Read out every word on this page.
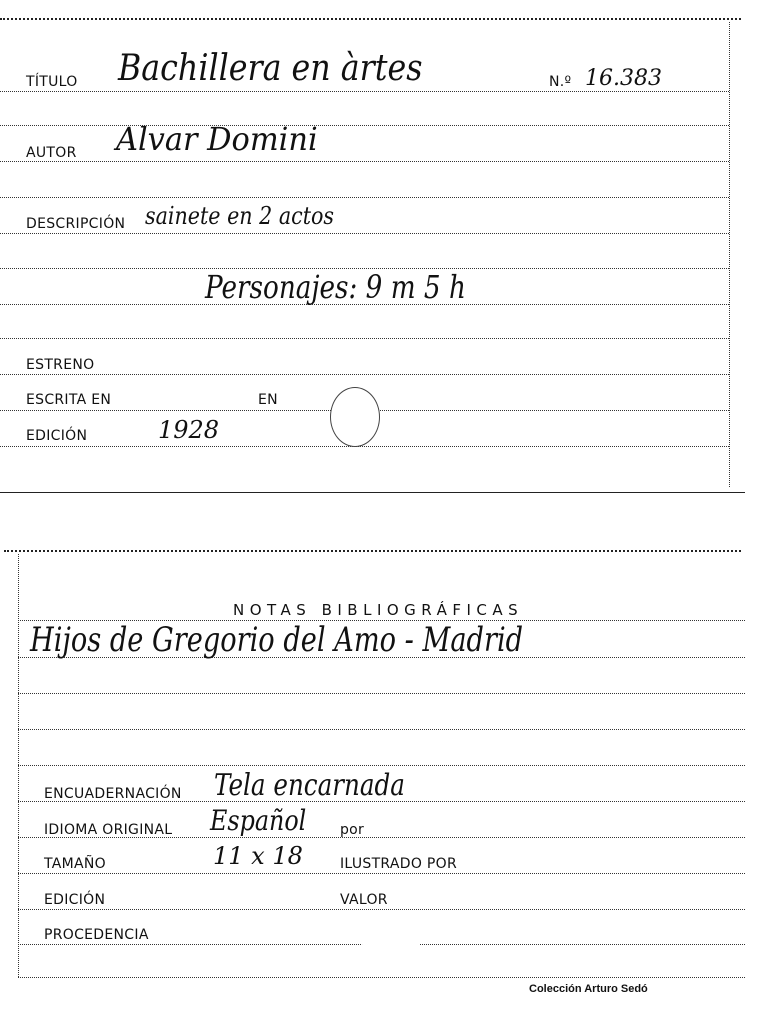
TÍTULO Bachillera en àrtes	N.º 16.383
AUTOR Alvar Domini
DESCRIPCIÓN sainete en 2 actos
Personajes: 9 m 5 h
ESTRENO
ESCRITA EN	EN
EDICIÓN	1928
NOTAS BIBLIOGRÁFICAS
Hijos de Gregorio del Amo - Madrid
ENCUADERNACIÓN Tela encarnada
IDIOMA ORIGINAL Español por
TAMAÑO	11 x 18	ILUSTRADO POR
EDICIÓN	VALOR
PROCEDENCIA
Colección Arturo Sedó
